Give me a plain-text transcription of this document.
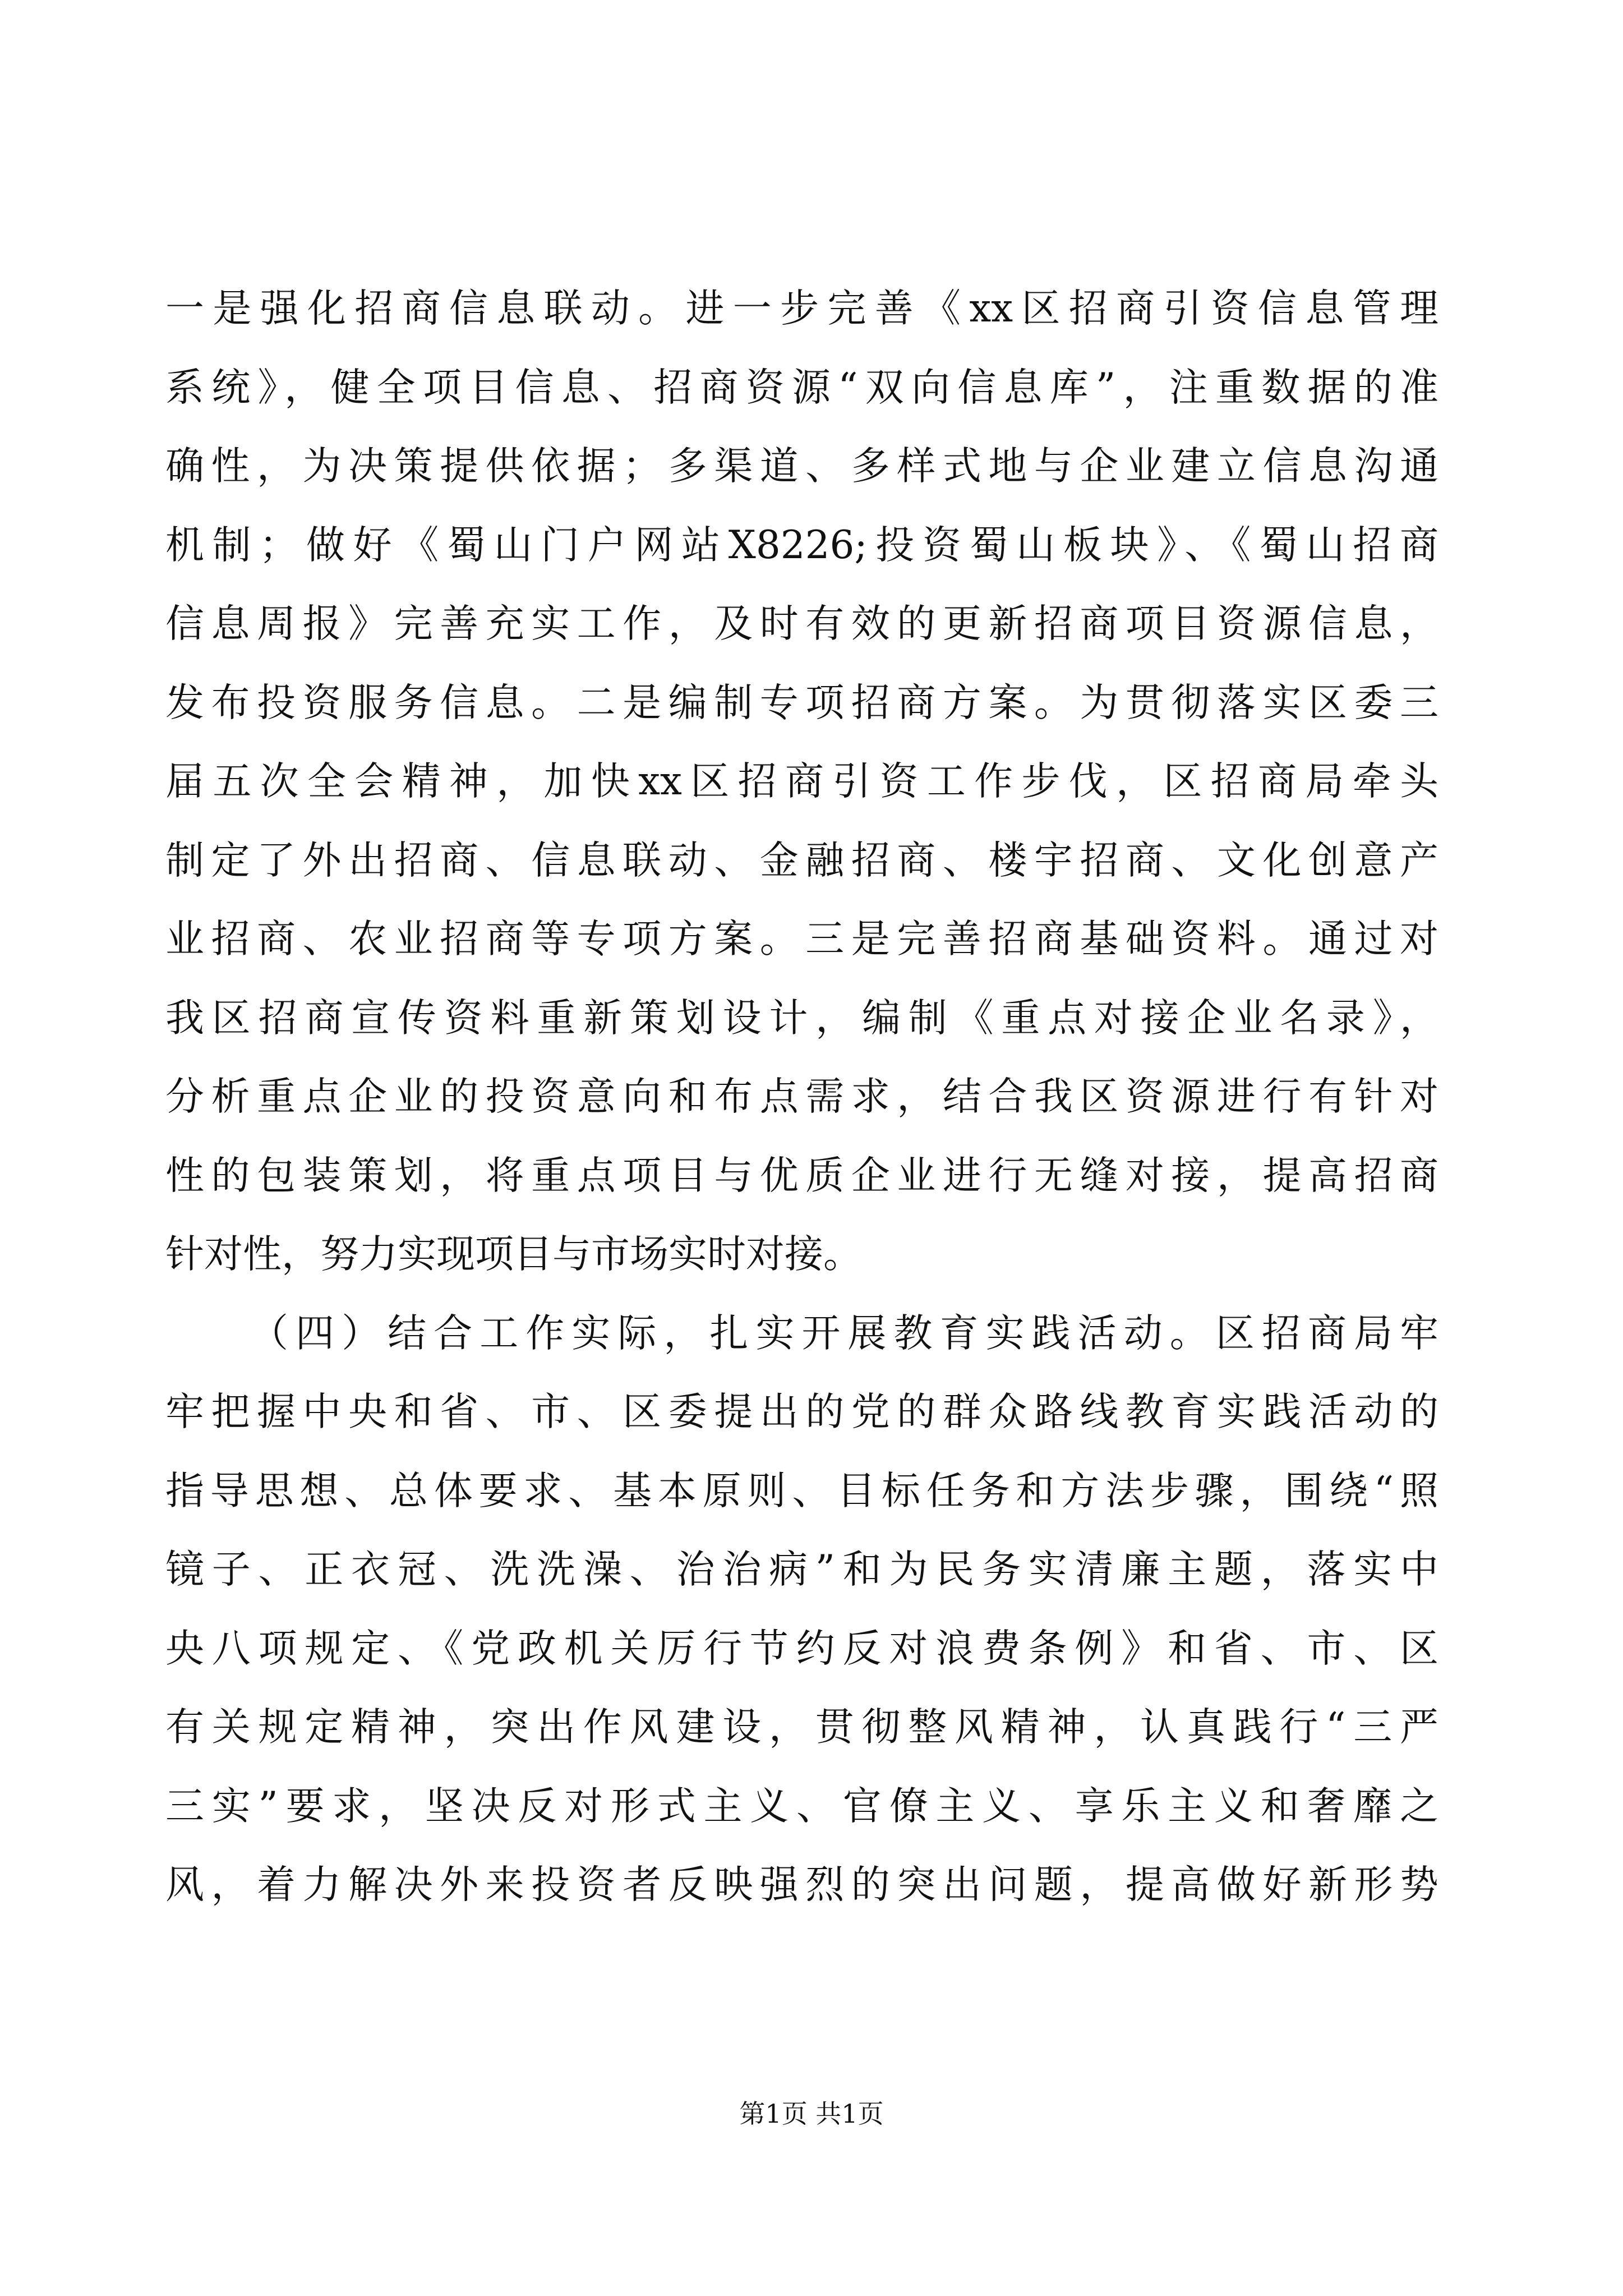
一是强化招商信息联动。进一步完善《xx区招商引资信息管理
系统》，健全项目信息、招商资源“双向信息库”，注重数据的准
确性，为决策提供依据；多渠道、多样式地与企业建立信息沟通
机制；做好《蜀山门户网站X8226;投资蜀山板块》、《蜀山招商
信息周报》完善充实工作，及时有效的更新招商项目资源信息，
发布投资服务信息。二是编制专项招商方案。为贯彻落实区委三
届五次全会精神，加快xx区招商引资工作步伐，区招商局牵头
制定了外出招商、信息联动、金融招商、楼宇招商、文化创意产
业招商、农业招商等专项方案。三是完善招商基础资料。通过对
我区招商宣传资料重新策划设计，编制《重点对接企业名录》，
分析重点企业的投资意向和布点需求，结合我区资源进行有针对
性的包装策划，将重点项目与优质企业进行无缝对接，提高招商
针对性，努力实现项目与市场实时对接。
（四）结合工作实际，扎实开展教育实践活动。区招商局牢
牢把握中央和省、市、区委提出的党的群众路线教育实践活动的
指导思想、总体要求、基本原则、目标任务和方法步骤，围绕“照
镜子、正衣冠、洗洗澡、治治病”和为民务实清廉主题，落实中
央八项规定、《党政机关厉行节约反对浪费条例》和省、市、区
有关规定精神，突出作风建设，贯彻整风精神，认真践行“三严
三实”要求，坚决反对形式主义、官僚主义、享乐主义和奢靡之
风，着力解决外来投资者反映强烈的突出问题，提高做好新形势
第1页 共1页
